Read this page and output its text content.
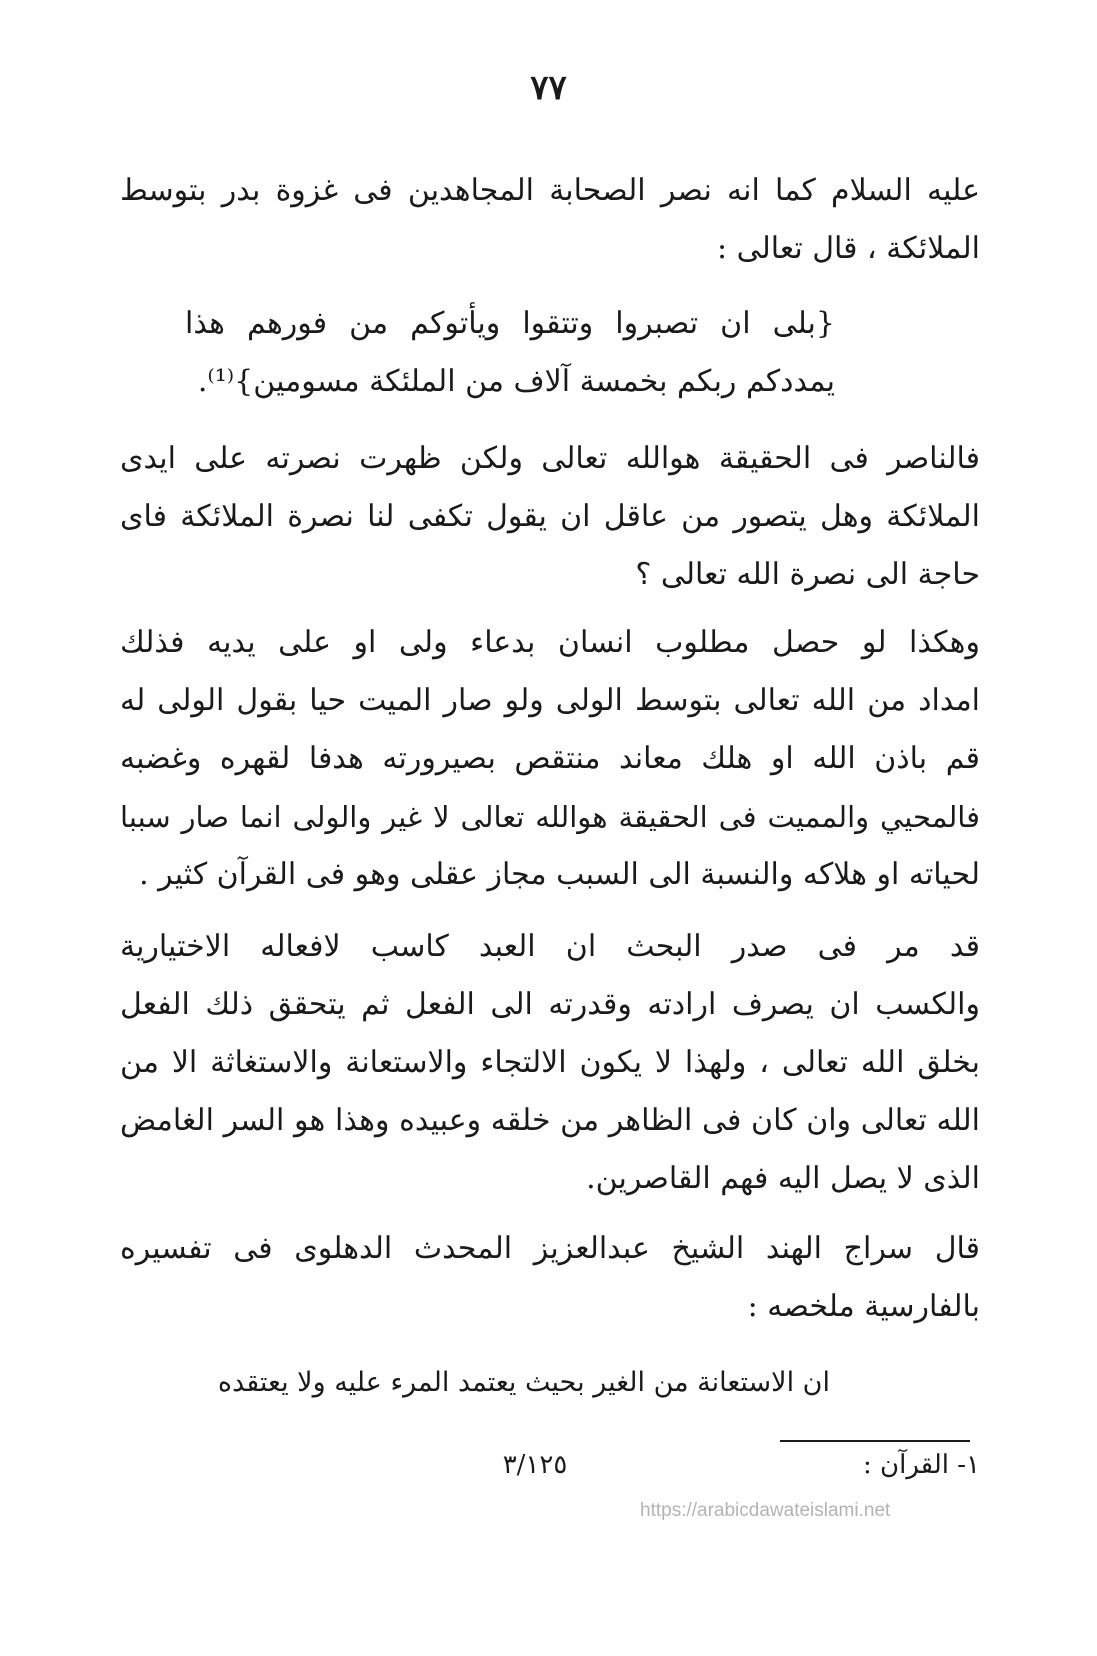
٧٧
عليه السلام كما انه نصر الصحابة المجاهدين فى غزوة بدر بتوسط
الملائكة ، قال تعالى :
{بلى ان تصبروا وتتقوا ويأتوكم من فورهم هذا
يمددكم ربكم بخمسة آلاف من الملئكة مسومين}⁽¹⁾.
فالناصر فى الحقيقة هوالله تعالى ولكن ظهرت نصرته على ايدى
الملائكة وهل يتصور من عاقل ان يقول تكفى لنا نصرة الملائكة فاى
حاجة الى نصرة الله تعالى ؟
وهكذا لو حصل مطلوب انسان بدعاء ولى او على يديه فذلك
امداد من الله تعالى بتوسط الولى ولو صار الميت حيا بقول الولى له
قم باذن الله او هلك معاند منتقص بصيرورته هدفا لقهره وغضبه
فالمحيي والمميت فى الحقيقة هوالله تعالى لا غير والولى انما صار سببا
لحياته او هلاكه والنسبة الى السبب مجاز عقلى وهو فى القرآن كثير .
قد مر فى صدر البحث ان العبد كاسب لافعاله الاختيارية
والكسب ان يصرف ارادته وقدرته الى الفعل ثم يتحقق ذلك الفعل
بخلق الله تعالى ، ولهذا لا يكون الالتجاء والاستعانة والاستغاثة الا من
الله تعالى وان كان فى الظاهر من خلقه وعبيده وهذا هو السر الغامض
الذى لا يصل اليه فهم القاصرين.
قال سراج الهند الشيخ عبدالعزيز المحدث الدهلوى فى تفسيره
بالفارسية ملخصه :
ان الاستعانة من الغير بحيث يعتمد المرء عليه ولا يعتقده
١- القرآن :
٣/١٢٥
https://arabicdawateislami.net
